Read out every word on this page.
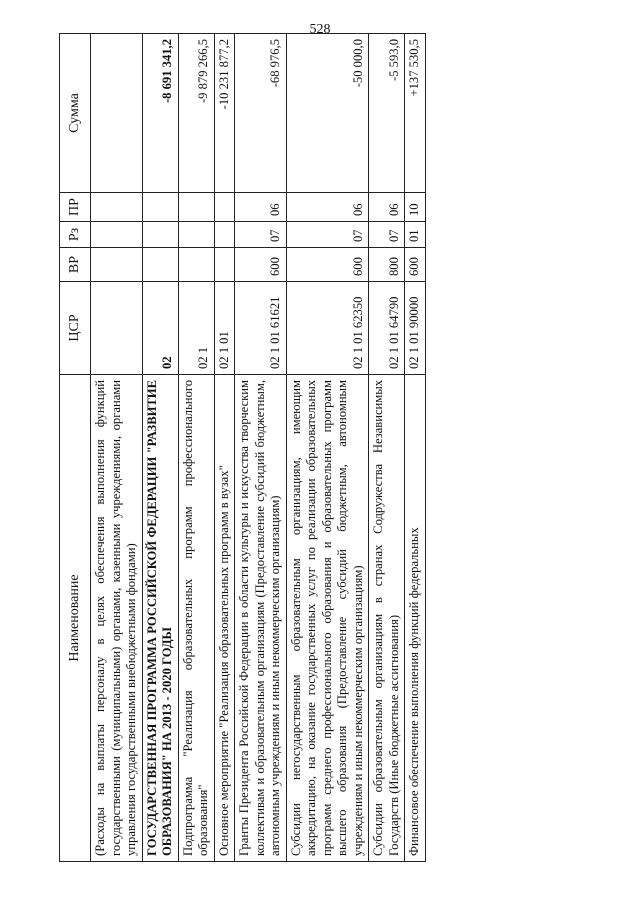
528
Наименование	ЦСР	ВР	Рз	ПР	Сумма
(Расходы на выплаты персоналу в целях обеспечения выполнения функций государственными (муниципальными) органами, казенными учреждениями, органами управления государственными внебюджетными фондами)					
ГОСУДАРСТВЕННАЯ ПРОГРАММА РОССИЙСКОЙ ФЕДЕРАЦИИ "РАЗВИТИЕ ОБРАЗОВАНИЯ" НА 2013 - 2020 ГОДЫ	02				-8 691 341,2
Подпрограмма "Реализация образовательных программ профессионального образования"	02 1				-9 879 266,5
Основное мероприятие "Реализация образовательных программ в вузах"	02 1 01				-10 231 877,2
Гранты Президента Российской Федерации в области культуры и искусства творческим коллективам и образовательным организациям (Предоставление субсидий бюджетным, автономным учреждениям и иным некоммерческим организациям)	02 1 01 61621	600	07	06	-68 976,5
Субсидии негосударственным образовательным организациям, имеющим аккредитацию, на оказание государственных услуг по реализации образовательных программ среднего профессионального образования и образовательных программ высшего образования (Предоставление субсидий бюджетным, автономным учреждениям и иным некоммерческим организациям)	02 1 01 62350	600	07	06	-50 000,0
Субсидии образовательным организациям в странах Содружества Независимых Государств (Иные бюджетные ассигнования)	02 1 01 64790	800	07	06	-5 593,0
Финансовое обеспечение выполнения функций федеральных	02 1 01 90000	600	01	10	+137 530,5
